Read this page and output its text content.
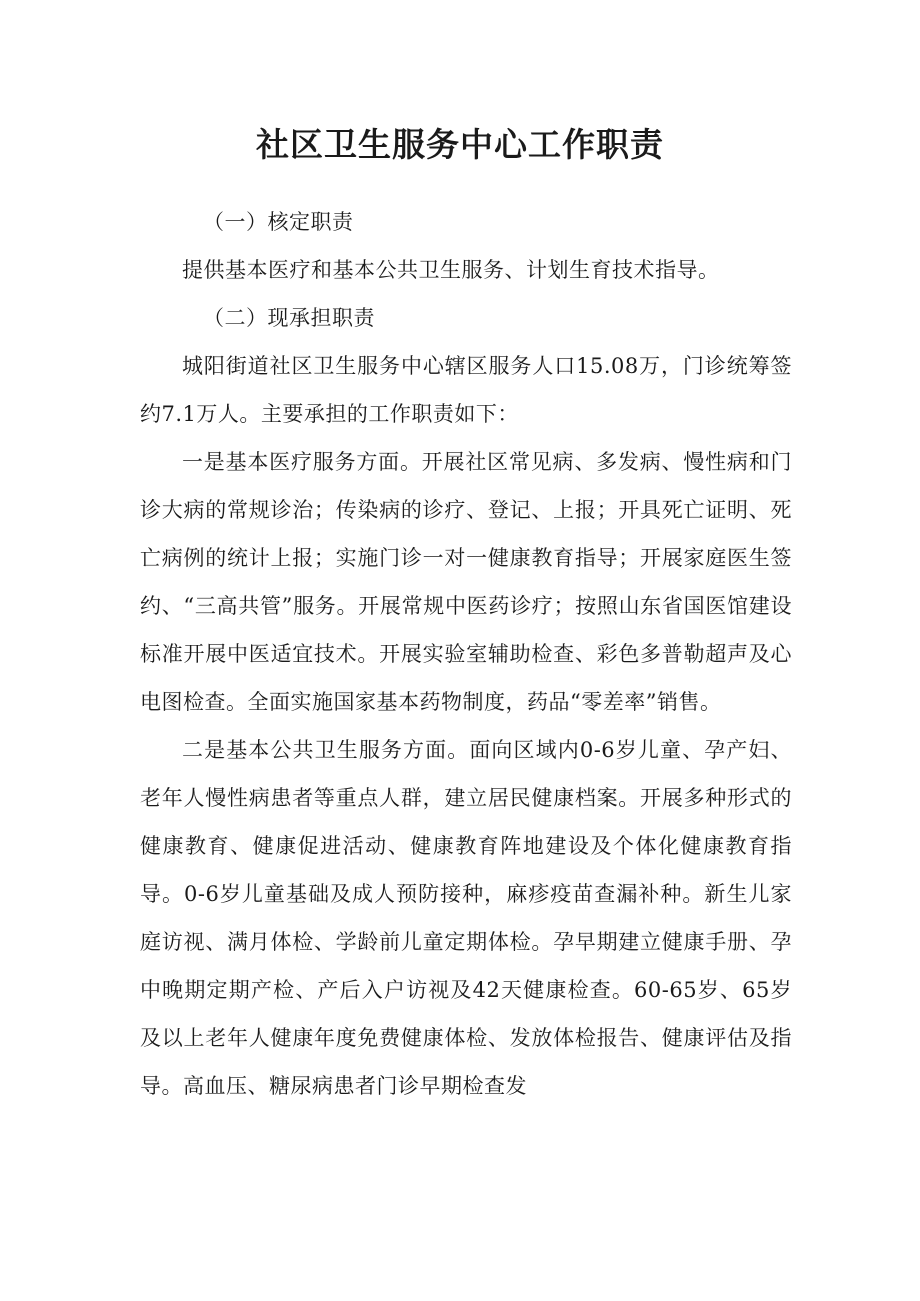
社区卫生服务中心工作职责

（一）核定职责

提供基本医疗和基本公共卫生服务、计划生育技术指导。

（二）现承担职责

城阳街道社区卫生服务中心辖区服务人口15.08万，门诊统筹签约7.1万人。主要承担的工作职责如下：

一是基本医疗服务方面。开展社区常见病、多发病、慢性病和门诊大病的常规诊治；传染病的诊疗、登记、上报；开具死亡证明、死亡病例的统计上报；实施门诊一对一健康教育指导；开展家庭医生签约、“三高共管”服务。开展常规中医药诊疗；按照山东省国医馆建设标准开展中医适宜技术。开展实验室辅助检查、彩色多普勒超声及心电图检查。全面实施国家基本药物制度，药品“零差率”销售。

二是基本公共卫生服务方面。面向区域内0-6岁儿童、孕产妇、老年人慢性病患者等重点人群，建立居民健康档案。开展多种形式的健康教育、健康促进活动、健康教育阵地建设及个体化健康教育指导。0-6岁儿童基础及成人预防接种，麻疹疫苗查漏补种。新生儿家庭访视、满月体检、学龄前儿童定期体检。孕早期建立健康手册、孕中晚期定期产检、产后入户访视及42天健康检查。60-65岁、65岁及以上老年人健康年度免费健康体检、发放体检报告、健康评估及指导。高血压、糖尿病患者门诊早期检查发
